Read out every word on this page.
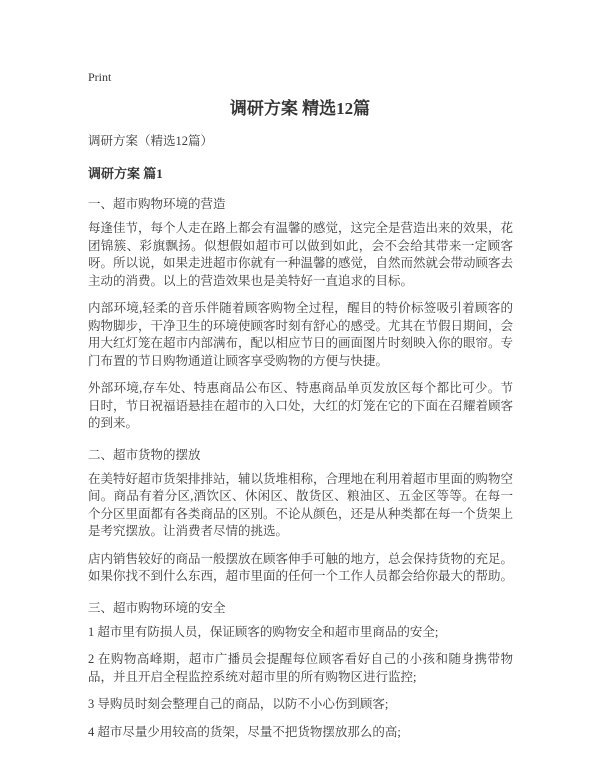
Print
调研方案 精选12篇
调研方案（精选12篇）
调研方案 篇1
一、超市购物环境的营造

每逢佳节，每个人走在路上都会有温馨的感觉，这完全是营造出来的效果，花团锦簇、彩旗飘扬。似想假如超市可以做到如此，会不会给其带来一定顾客呀。所以说，如果走进超市你就有一种温馨的感觉，自然而然就会带动顾客去主动的消费。以上的营造效果也是美特好一直追求的目标。

内部环境,轻柔的音乐伴随着顾客购物全过程，醒目的特价标签吸引着顾客的购物脚步，干净卫生的环境使顾客时刻有舒心的感受。尤其在节假日期间，会用大红灯笼在超市内部满布，配以相应节日的画面图片时刻映入你的眼帘。专门布置的节日购物通道让顾客享受购物的方便与快捷。

外部环境,存车处、特惠商品公布区、特惠商品单页发放区每个都比可少。节日时，节日祝福语悬挂在超市的入口处，大红的灯笼在它的下面在召耀着顾客的到来。

二、超市货物的摆放

在美特好超市货架排排站，辅以货堆相称，合理地在利用着超市里面的购物空间。商品有着分区,酒饮区、休闲区、散货区、粮油区、五金区等等。在每一个分区里面都有各类商品的区别。不论从颜色，还是从种类都在每一个货架上是考究摆放。让消费者尽情的挑选。

店内销售较好的商品一般摆放在顾客伸手可触的地方，总会保持货物的充足。如果你找不到什么东西，超市里面的任何一个工作人员都会给你最大的帮助。

三、超市购物环境的安全

1 超市里有防损人员，保证顾客的购物安全和超市里商品的安全;

2 在购物高峰期，超市广播员会提醒每位顾客看好自己的小孩和随身携带物品，并且开启全程监控系统对超市里的所有购物区进行监控;

3 导购员时刻会整理自己的商品，以防不小心伤到顾客;

4 超市尽量少用较高的货架，尽量不把货物摆放那么的高;
